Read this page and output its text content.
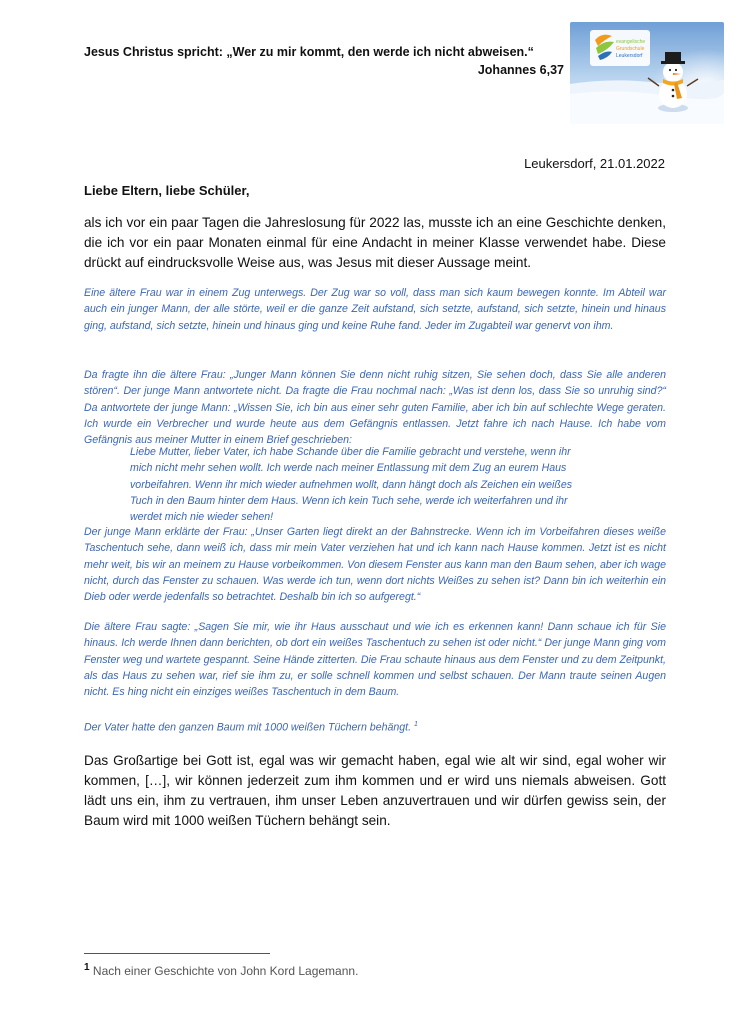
Jesus Christus spricht: „Wer zu mir kommt, den werde ich nicht abweisen.“
Johannes 6,37
evangelische
Grundschule
Leukersdorf
Leukersdorf, 21.01.2022
Liebe Eltern, liebe Schüler,
als ich vor ein paar Tagen die Jahreslosung für 2022 las, musste ich an eine Geschichte denken, die ich vor ein paar Monaten einmal für eine Andacht in meiner Klasse verwendet habe. Diese drückt auf eindrucksvolle Weise aus, was Jesus mit dieser Aussage meint.

Eine ältere Frau war in einem Zug unterwegs. Der Zug war so voll, dass man sich kaum bewegen konnte. Im Abteil war auch ein junger Mann, der alle störte, weil er die ganze Zeit aufstand, sich setzte, aufstand, sich setzte, hinein und hinaus ging, aufstand, sich setzte, hinein und hinaus ging und keine Ruhe fand. Jeder im Zugabteil war genervt von ihm.

Da fragte ihn die ältere Frau: „Junger Mann können Sie denn nicht ruhig sitzen, Sie sehen doch, dass Sie alle anderen stören“. Der junge Mann antwortete nicht. Da fragte die Frau nochmal nach: „Was ist denn los, dass Sie so unruhig sind?“ Da antwortete der junge Mann: „Wissen Sie, ich bin aus einer sehr guten Familie, aber ich bin auf schlechte Wege geraten. Ich wurde ein Verbrecher und wurde heute aus dem Gefängnis entlassen. Jetzt fahre ich nach Hause. Ich habe vom Gefängnis aus meiner Mutter in einem Brief geschrieben:

Liebe Mutter, lieber Vater, ich habe Schande über die Familie gebracht und verstehe, wenn ihr
mich nicht mehr sehen wollt. Ich werde nach meiner Entlassung mit dem Zug an eurem Haus
vorbeifahren. Wenn ihr mich wieder aufnehmen wollt, dann hängt doch als Zeichen ein weißes
Tuch in den Baum hinter dem Haus. Wenn ich kein Tuch sehe, werde ich weiterfahren und ihr
werdet mich nie wieder sehen!

Der junge Mann erklärte der Frau: „Unser Garten liegt direkt an der Bahnstrecke. Wenn ich im Vorbeifahren dieses weiße Taschentuch sehe, dann weiß ich, dass mir mein Vater verziehen hat und ich kann nach Hause kommen. Jetzt ist es nicht mehr weit, bis wir an meinem zu Hause vorbeikommen. Von diesem Fenster aus kann man den Baum sehen, aber ich wage nicht, durch das Fenster zu schauen. Was werde ich tun, wenn dort nichts Weißes zu sehen ist? Dann bin ich weiterhin ein Dieb oder werde jedenfalls so betrachtet. Deshalb bin ich so aufgeregt.“

Die ältere Frau sagte: „Sagen Sie mir, wie ihr Haus ausschaut und wie ich es erkennen kann! Dann schaue ich für Sie hinaus. Ich werde Ihnen dann berichten, ob dort ein weißes Taschentuch zu sehen ist oder nicht.“ Der junge Mann ging vom Fenster weg und wartete gespannt. Seine Hände zitterten. Die Frau schaute hinaus aus dem Fenster und zu dem Zeitpunkt, als das Haus zu sehen war, rief sie ihm zu, er solle schnell kommen und selbst schauen. Der Mann traute seinen Augen nicht. Es hing nicht ein einziges weißes Taschentuch in dem Baum.

Der Vater hatte den ganzen Baum mit 1000 weißen Tüchern behängt. $^1$

Das Großartige bei Gott ist, egal was wir gemacht haben, egal wie alt wir sind, egal woher wir kommen, […], wir können jederzeit zum ihm kommen und er wird uns niemals abweisen. Gott lädt uns ein, ihm zu vertrauen, ihm unser Leben anzuvertrauen und wir dürfen gewiss sein, der Baum wird mit 1000 weißen Tüchern behängt sein.
$^1$ Nach einer Geschichte von John Kord Lagemann.
